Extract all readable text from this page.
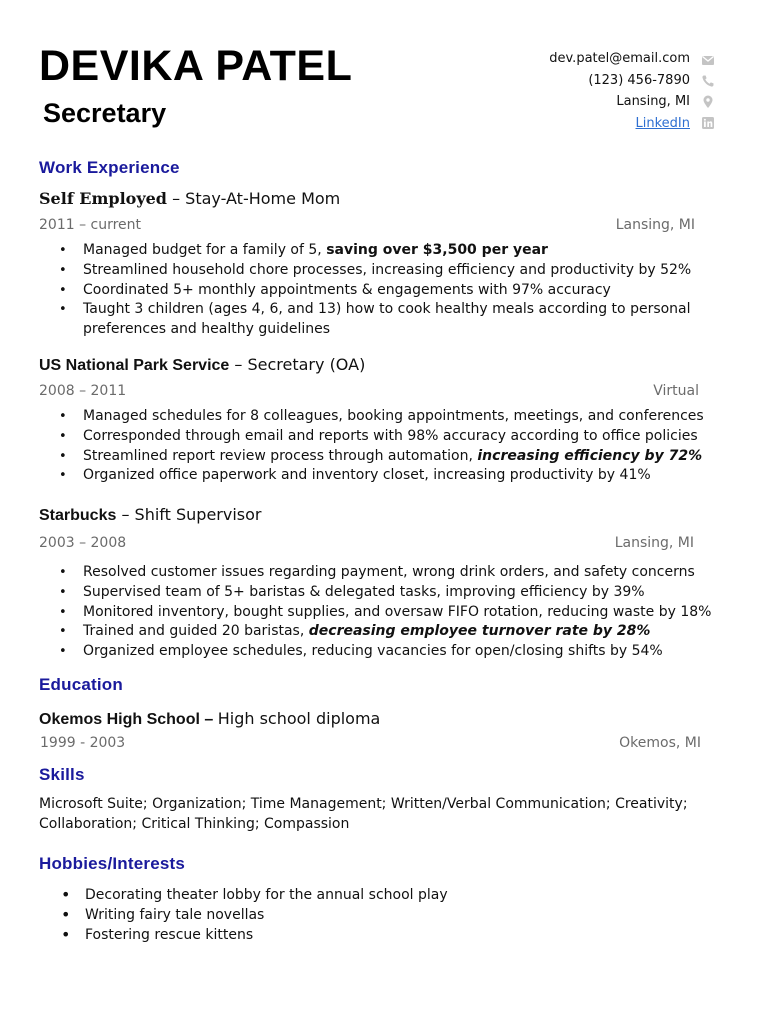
DEVIKA PATEL
Secretary
dev.patel@email.com
(123) 456-7890
Lansing, MI
LinkedIn
Work Experience
Self Employed – Stay-At-Home Mom
2011 – current	Lansing, MI
• Managed budget for a family of 5, saving over $3,500 per year
• Streamlined household chore processes, increasing efficiency and productivity by 52%
• Coordinated 5+ monthly appointments & engagements with 97% accuracy
• Taught 3 children (ages 4, 6, and 13) how to cook healthy meals according to personal
preferences and healthy guidelines
US National Park Service – Secretary (OA)
2008 – 2011	Virtual
• Managed schedules for 8 colleagues, booking appointments, meetings, and conferences
• Corresponded through email and reports with 98% accuracy according to office policies
• Streamlined report review process through automation, increasing efficiency by 72%
• Organized office paperwork and inventory closet, increasing productivity by 41%
Starbucks – Shift Supervisor
2003 – 2008	Lansing, MI
• Resolved customer issues regarding payment, wrong drink orders, and safety concerns
• Supervised team of 5+ baristas & delegated tasks, improving efficiency by 39%
• Monitored inventory, bought supplies, and oversaw FIFO rotation, reducing waste by 18%
• Trained and guided 20 baristas, decreasing employee turnover rate by 28%
• Organized employee schedules, reducing vacancies for open/closing shifts by 54%
Education
Okemos High School – High school diploma
1999 - 2003	Okemos, MI
Skills
Microsoft Suite; Organization; Time Management; Written/Verbal Communication; Creativity; Collaboration; Critical Thinking; Compassion
Hobbies/Interests
• Decorating theater lobby for the annual school play
• Writing fairy tale novellas
• Fostering rescue kittens
